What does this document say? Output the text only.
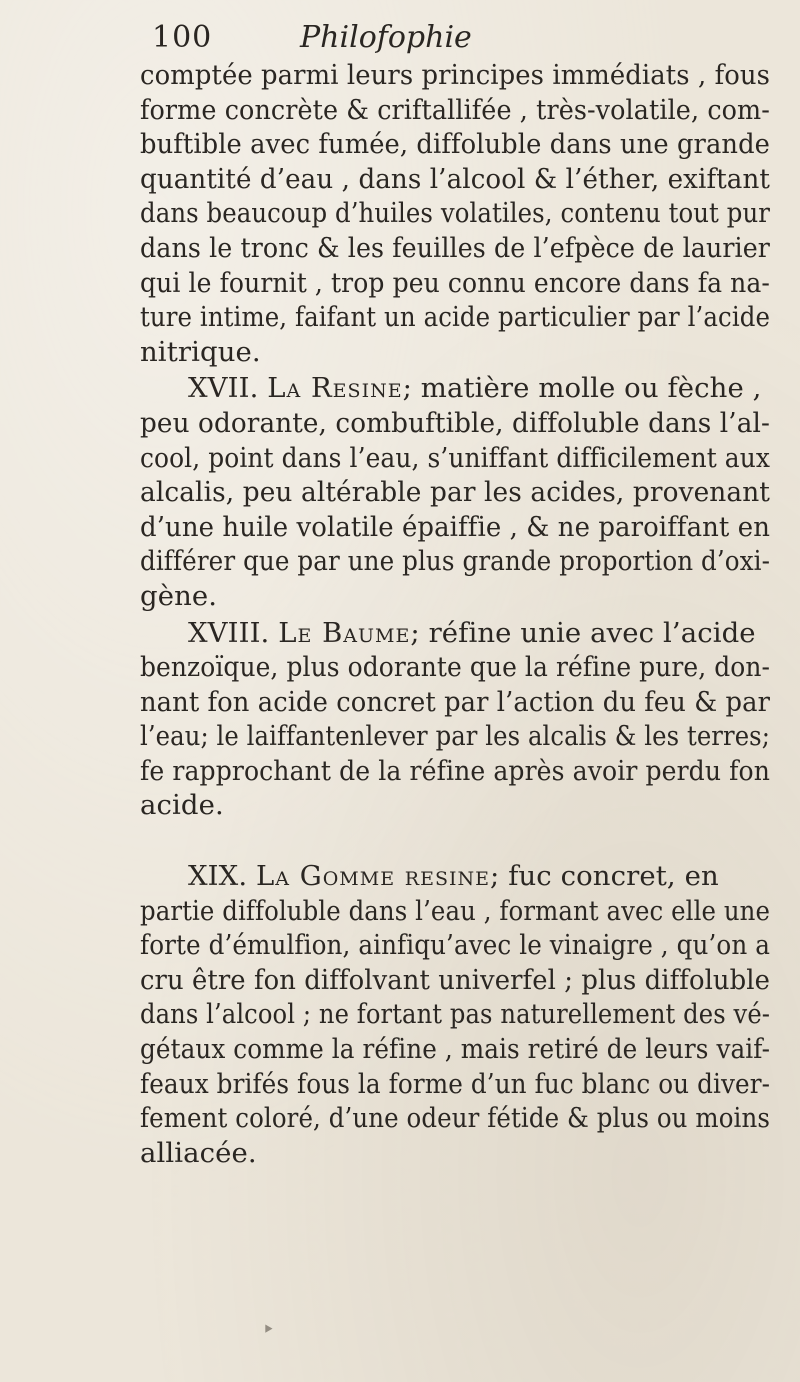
100	Philofophie
comptée parmi leurs principes immédiats , fous
forme concrète & criftallifée , très-volatile, com-
buftible avec fumée, diffoluble dans une grande
quantité d’eau , dans l’alcool & l’éther, exiftant
dans beaucoup d’huiles volatiles, contenu tout pur
dans le tronc & les feuilles de l’efpèce de laurier
qui le fournit , trop peu connu encore dans fa na-
ture intime, faifant un acide particulier par l’acide
nitrique.
XVII. La Resine; matière molle ou fèche ,
peu odorante, combuftible, diffoluble dans l’al-
cool, point dans l’eau, s’uniffant difficilement aux
alcalis, peu altérable par les acides, provenant
d’une huile volatile épaiffie , & ne paroiffant en
différer que par une plus grande proportion d’oxi-
gène.
XVIII. Le Baume; réfine unie avec l’acide
benzoïque, plus odorante que la réfine pure, don-
nant fon acide concret par l’action du feu & par
l’eau; le laiffantenlever par les alcalis & les terres;
fe rapprochant de la réfine après avoir perdu fon
acide.
XIX. La Gomme resine; fuc concret, en
partie diffoluble dans l’eau , formant avec elle une
forte d’émulfion, ainfiqu’avec le vinaigre , qu’on a
cru être fon diffolvant univerfel ; plus diffoluble
dans l’alcool ; ne fortant pas naturellement des vé-
gétaux comme la réfine , mais retiré de leurs vaif-
feaux brifés fous la forme d’un fuc blanc ou diver-
fement coloré, d’une odeur fétide & plus ou moins
alliacée.
‣
